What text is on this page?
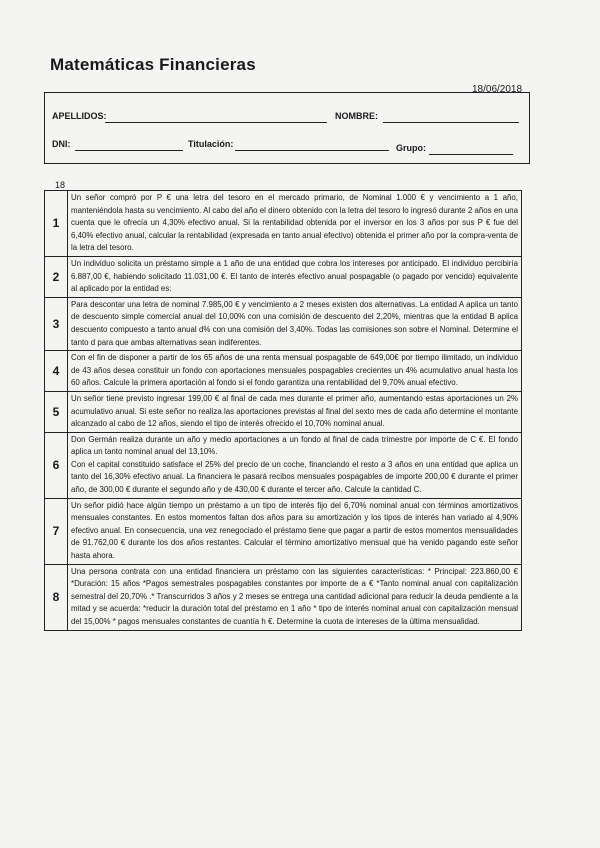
Matemáticas Financieras
18/06/2018
APELLIDOS:	NOMBRE:
DNI:	Titulación:	Grupo:
18
1	Un señor compró por P € una letra del tesoro en el mercado primario, de Nominal 1.000 € y vencimiento a 1 año, manteniéndola hasta su vencimiento. Al cabo del año el dinero obtenido con la letra del tesoro lo ingresó durante 2 años en una cuenta que le ofrecía un 4,30% efectivo anual. Si la rentabilidad obtenida por el inversor en los 3 años por sus P € fue del 6,40% efectivo anual, calcular la rentabilidad (expresada en tanto anual efectivo) obtenida el primer año por la compra-venta de la letra del tesoro.

2	Un individuo solicita un préstamo simple a 1 año de una entidad que cobra los intereses por anticipado. El individuo percibiría 6.887,00 €, habiendo solicitado 11.031,00 €. El tanto de interés efectivo anual pospagable (o pagado por vencido) equivalente al aplicado por la entidad es:

3	Para descontar una letra de nominal 7.985,00 € y vencimiento a 2 meses existen dos alternativas. La entidad A aplica un tanto de descuento simple comercial anual del 10,00% con una comisión de descuento del 2,20%, mientras que la entidad B aplica descuento compuesto a tanto anual d% con una comisión del 3,40%. Todas las comisiones son sobre el Nominal. Determine el tanto d para que ambas alternativas sean indiferentes.

4	Con el fin de disponer a partir de los 65 años de una renta mensual pospagable de 649,00€ por tiempo ilimitado, un individuo de 43 años desea constituir un fondo con aportaciones mensuales pospagables crecientes un 4% acumulativo anual hasta los 60 años. Calcule la primera aportación al fondo si el fondo garantiza una rentabilidad del 9,70% anual efectivo.

5	Un señor tiene previsto ingresar 199,00 € al final de cada mes durante el primer año, aumentando estas aportaciones un 2% acumulativo anual. Si este señor no realiza las aportaciones previstas al final del sexto mes de cada año determine el montante alcanzado al cabo de 12 años, siendo el tipo de interés ofrecido el 10,70% nominal anual.

6	Don Germán realiza durante un año y medio aportaciones a un fondo al final de cada trimestre por importe de C €. El fondo aplica un tanto nominal anual del 13,10%.
Con el capital constituido satisface el 25% del precio de un coche, financiando el resto a 3 años en una entidad que aplica un tanto del 16,30% efectivo anual. La financiera le pasará recibos mensuales pospagables de importe 200,00 € durante el primer año, de 300,00 € durante el segundo año y de 430,00 € durante el tercer año. Calcule la cantidad C.

7	Un señor pidió hace algún tiempo un préstamo a un tipo de interés fijo del 6,70% nominal anual con términos amortizativos mensuales constantes. En estos momentos faltan dos años para su amortización y los tipos de interés han variado al 4,90% efectivo anual. En consecuencia, una vez renegociado el préstamo tiene que pagar a partir de estos momentos mensualidades de 91.762,00 € durante los dos años restantes. Calcular el término amortizativo mensual que ha venido pagando este señor hasta ahora.

8	Una persona contrata con una entidad financiera un préstamo con las siguientes características: * Principal: 223.860,00 € *Duración: 15 años *Pagos semestrales pospagables constantes por importe de a € *Tanto nominal anual con capitalización semestral del 20,70% .* Transcurridos 3 años y 2 meses se entrega una cantidad adicional para reducir la deuda pendiente a la mitad y se acuerda: *reducir la duración total del préstamo en 1 año * tipo de interés nominal anual con capitalización mensual del 15,00% * pagos mensuales constantes de cuantía h €. Determine la cuota de intereses de la última mensualidad.
